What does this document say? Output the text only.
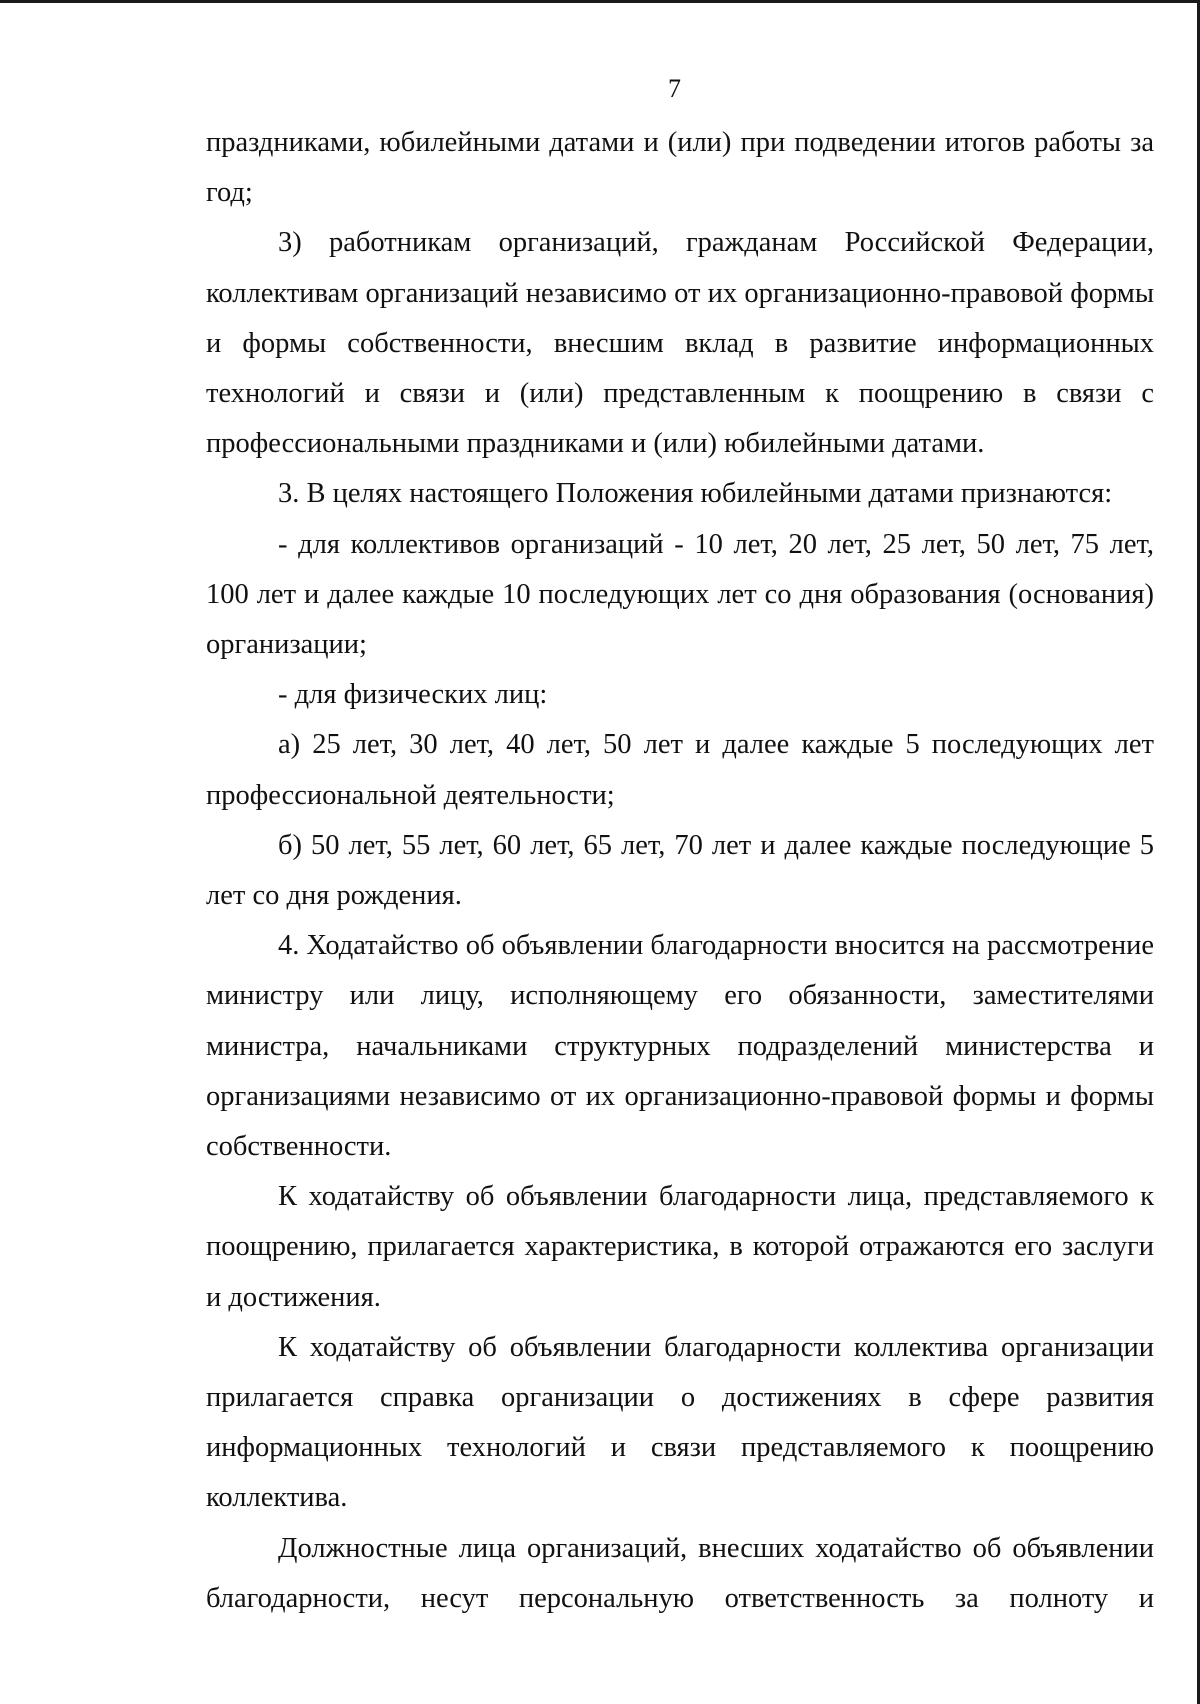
7

праздниками, юбилейными датами и (или) при подведении итогов работы за год;

3) работникам организаций, гражданам Российской Федерации, коллективам организаций независимо от их организационно-правовой формы и формы собственности, внесшим вклад в развитие информационных технологий и связи и (или) представленным к поощрению в связи с профессиональными праздниками и (или) юбилейными датами.

3. В целях настоящего Положения юбилейными датами признаются:

- для коллективов организаций - 10 лет, 20 лет, 25 лет, 50 лет, 75 лет, 100 лет и далее каждые 10 последующих лет со дня образования (основания) организации;

- для физических лиц:

а) 25 лет, 30 лет, 40 лет, 50 лет и далее каждые 5 последующих лет профессиональной деятельности;

б) 50 лет, 55 лет, 60 лет, 65 лет, 70 лет и далее каждые последующие 5 лет со дня рождения.

4. Ходатайство об объявлении благодарности вносится на рассмотрение министру или лицу, исполняющему его обязанности, заместителями министра, начальниками структурных подразделений министерства и организациями независимо от их организационно-правовой формы и формы собственности.

К ходатайству об объявлении благодарности лица, представляемого к поощрению, прилагается характеристика, в которой отражаются его заслуги и достижения.

К ходатайству об объявлении благодарности коллектива организации прилагается справка организации о достижениях в сфере развития информационных технологий и связи представляемого к поощрению коллектива.

Должностные лица организаций, внесших ходатайство об объявлении благодарности, несут персональную ответственность за полноту и
